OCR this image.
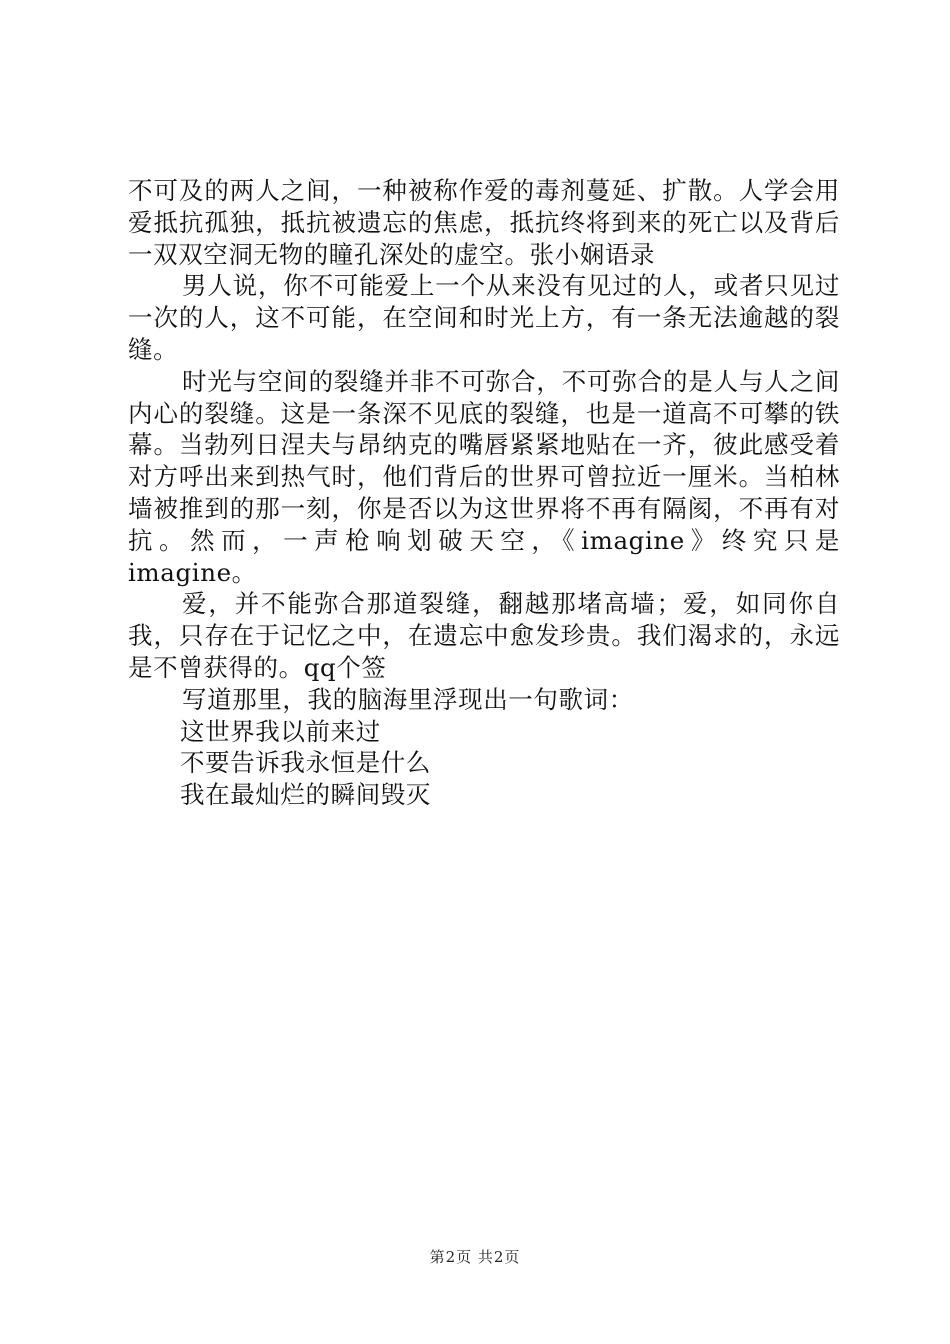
不可及的两人之间，一种被称作爱的毒剂蔓延、扩散。人学会用爱抵抗孤独，抵抗被遗忘的焦虑，抵抗终将到来的死亡以及背后一双双空洞无物的瞳孔深处的虚空。张小娴语录

男人说，你不可能爱上一个从来没有见过的人，或者只见过一次的人，这不可能，在空间和时光上方，有一条无法逾越的裂缝。

时光与空间的裂缝并非不可弥合，不可弥合的是人与人之间内心的裂缝。这是一条深不见底的裂缝，也是一道高不可攀的铁幕。当勃列日涅夫与昂纳克的嘴唇紧紧地贴在一齐，彼此感受着对方呼出来到热气时，他们背后的世界可曾拉近一厘米。当柏林墙被推到的那一刻，你是否以为这世界将不再有隔阂，不再有对抗。然而，一声枪响划破天空，《imagine》终究只是imagine。

爱，并不能弥合那道裂缝，翻越那堵高墙；爱，如同你自我，只存在于记忆之中，在遗忘中愈发珍贵。我们渴求的，永远是不曾获得的。qq个签

写道那里，我的脑海里浮现出一句歌词：

这世界我以前来过

不要告诉我永恒是什么

我在最灿烂的瞬间毁灭

第2页 共2页
